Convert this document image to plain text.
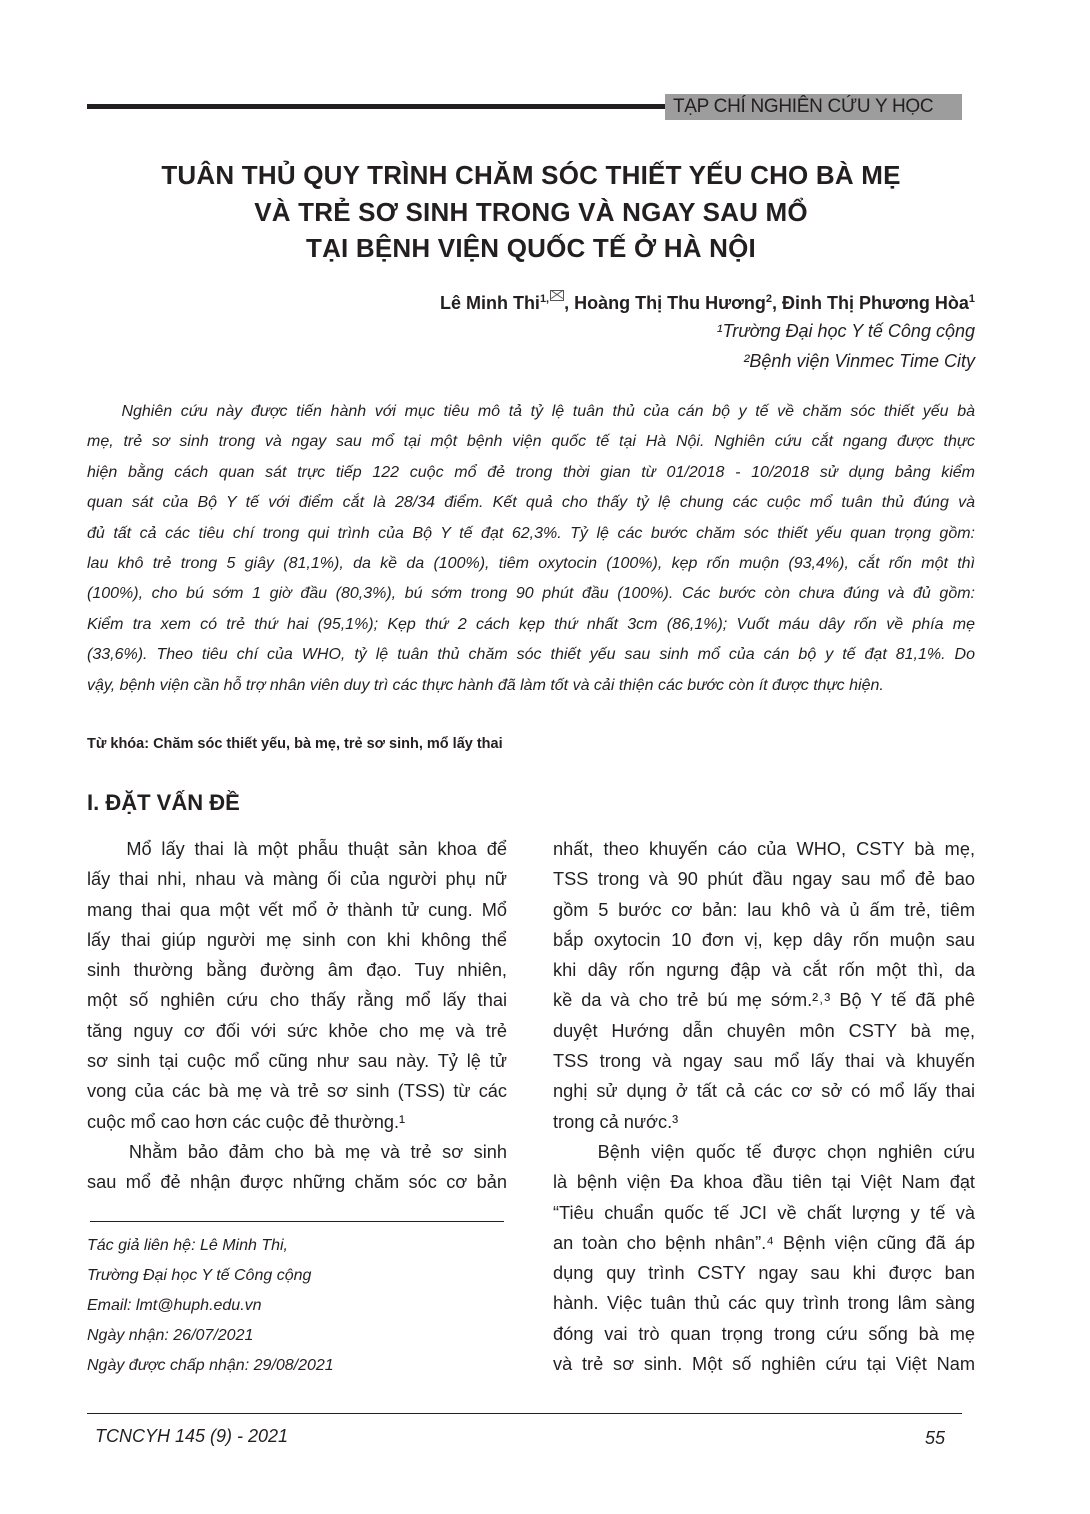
TẠP CHÍ NGHIÊN CỨU Y HỌC
TUÂN THỦ QUY TRÌNH CHĂM SÓC THIẾT YẾU CHO BÀ MẸ
VÀ TRẺ SƠ SINH TRONG VÀ NGAY SAU MỔ
TẠI BỆNH VIỆN QUỐC TẾ Ở HÀ NỘI
Lê Minh Thi$^{1,}$ , Hoàng Thị Thu Hương$^2$, Đinh Thị Phương Hòa$^1$
¹Trường Đại học Y tế Công cộng
²Bệnh viện Vinmec Time City
Nghiên cứu này được tiến hành với mục tiêu mô tả tỷ lệ tuân thủ của cán bộ y tế về chăm sóc thiết yếu bà
mẹ, trẻ sơ sinh trong và ngay sau mổ tại một bệnh viện quốc tế tại Hà Nội. Nghiên cứu cắt ngang được thực
hiện bằng cách quan sát trực tiếp 122 cuộc mổ đẻ trong thời gian từ 01/2018 - 10/2018 sử dụng bảng kiểm
quan sát của Bộ Y tế với điểm cắt là 28/34 điểm. Kết quả cho thấy tỷ lệ chung các cuộc mổ tuân thủ đúng và
đủ tất cả các tiêu chí trong qui trình của Bộ Y tế đạt 62,3%. Tỷ lệ các bước chăm sóc thiết yếu quan trọng gồm:
lau khô trẻ trong 5 giây (81,1%), da kề da (100%), tiêm oxytocin (100%), kẹp rốn muộn (93,4%), cắt rốn một thì
(100%), cho bú sớm 1 giờ đầu (80,3%), bú sớm trong 90 phút đầu (100%). Các bước còn chưa đúng và đủ gồm:
Kiểm tra xem có trẻ thứ hai (95,1%); Kẹp thứ 2 cách kẹp thứ nhất 3cm (86,1%); Vuốt máu dây rốn về phía mẹ
(33,6%). Theo tiêu chí của WHO, tỷ lệ tuân thủ chăm sóc thiết yếu sau sinh mổ của cán bộ y tế đạt 81,1%. Do
vậy, bệnh viện cần hỗ trợ nhân viên duy trì các thực hành đã làm tốt và cải thiện các bước còn ít được thực hiện.
Từ khóa: Chăm sóc thiết yếu, bà mẹ, trẻ sơ sinh, mổ lấy thai
I. ĐẶT VẤN ĐỀ
Mổ lấy thai là một phẫu thuật sản khoa để
lấy thai nhi, nhau và màng ối của người phụ nữ
mang thai qua một vết mổ ở thành tử cung. Mổ
lấy thai giúp người mẹ sinh con khi không thể
sinh thường bằng đường âm đạo. Tuy nhiên,
một số nghiên cứu cho thấy rằng mổ lấy thai
tăng nguy cơ đối với sức khỏe cho mẹ và trẻ
sơ sinh tại cuộc mổ cũng như sau này. Tỷ lệ tử
vong của các bà mẹ và trẻ sơ sinh (TSS) từ các
cuộc mổ cao hơn các cuộc đẻ thường.¹
Nhằm bảo đảm cho bà mẹ và trẻ sơ sinh
sau mổ đẻ nhận được những chăm sóc cơ bản
nhất, theo khuyến cáo của WHO, CSTY bà mẹ,
TSS trong và 90 phút đầu ngay sau mổ đẻ bao
gồm 5 bước cơ bản: lau khô và ủ ấm trẻ, tiêm
bắp oxytocin 10 đơn vị, kẹp dây rốn muộn sau
khi dây rốn ngưng đập và cắt rốn một thì, da
kề da và cho trẻ bú mẹ sớm.²˒³ Bộ Y tế đã phê
duyệt Hướng dẫn chuyên môn CSTY bà mẹ,
TSS trong và ngay sau mổ lấy thai và khuyến
nghị sử dụng ở tất cả các cơ sở có mổ lấy thai
trong cả nước.³
Bệnh viện quốc tế được chọn nghiên cứu
là bệnh viện Đa khoa đầu tiên tại Việt Nam đạt
“Tiêu chuẩn quốc tế JCI về chất lượng y tế và
an toàn cho bệnh nhân”.⁴ Bệnh viện cũng đã áp
dụng quy trình CSTY ngay sau khi được ban
hành. Việc tuân thủ các quy trình trong lâm sàng
đóng vai trò quan trọng trong cứu sống bà mẹ
và trẻ sơ sinh. Một số nghiên cứu tại Việt Nam
Tác giả liên hệ: Lê Minh Thi,
Trường Đại học Y tế Công cộng
Email: lmt@huph.edu.vn
Ngày nhận: 26/07/2021
Ngày được chấp nhận: 29/08/2021
TCNCYH 145 (9) - 2021	55
